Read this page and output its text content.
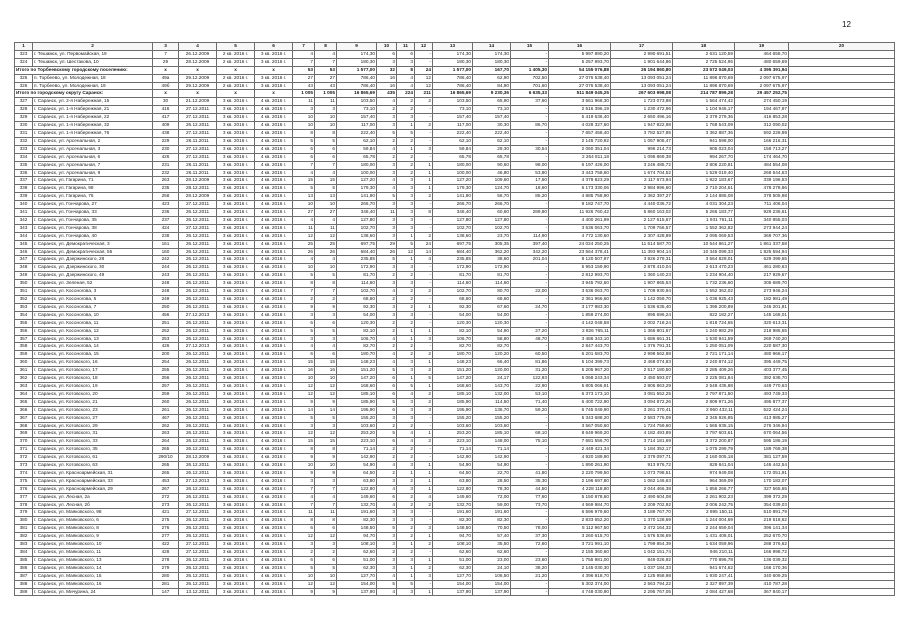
12
1	2	3	4	5	6	7	8	9	10	11	12	13	14	15	16	17	18	19	20
323	г. Тешамск, ул. Первомайская, 19	7	26.12.2009	2 кв. 2016 г.	3 кв. 2016 г.	4	4	174,30	6	6	-	174,30	174,30	-	5 997 890,20	2 990 691,51	2 631 120,59	464 658,70	
324	г. Тешамск, ул. Шестакова, 10	29	28.12.2009	2 кв. 2016 г.	3 кв. 2016 г.	7	7	180,30	3	3	-	180,30	180,30	-	5 257 993,70	1 901 644,86	2 725 524,95	480 659,69	
Итого по Торбеевскому городскому поселению:		x	x	x	x	53	53	1 577,00	32	8	24	1 577,00	167,70	1 405,30	54 155 076,88	26 194 860,80	23 572 049,03	4 395 391,94	
325	п. Торбеево, ул. Молодежная, 18	49а	29.12.2009	2 кв. 2016 г.	3 кв. 2016 г.	27	27	786,40	16	4	12	786,40	62,90	702,50	27 076 538,40	13 093 051,24	11 896 870,69	2 097 675,97	
326	п. Торбеево, ул. Молодежная, 19	49б	29.12.2009	2 кв. 2016 г.	3 кв. 2016 г.	43	43	786,40	16	4	12	786,40	84,90	701,60	27 076 538,40	13 093 051,24	11 896 870,69	2 097 675,97	
Итого по городскому округу Саранск:		x	x	x	x	1 005	1 005	16 865,69	435	224	211	16 865,69	9 230,36	6 635,33	511 849 045,25	267 603 998,08	214 787 899,28	29 457 252,75	
327	г. Саранск, ул. 2-я Набережная, 15	30	21.12.2009	3 кв. 2016 г.	4 кв. 2016 г.	11	11	103,50	4	2	2	103,50	65,90	37,60	3 561 968,30	1 723 073,88	1 564 474,42	274 450,19	
328	г. Саранск, ул. 1-я Набережная, 21	416	27.12.2011	3 кв. 2016 г.	4 кв. 2016 г.	3	3	73,10	2	2	-	73,10	73,10	-	2 516 396,19	1 230 472,96	1 104 945,17	194 467,97	
329	г. Саранск, ул. 1-я Набережная, 22	417	27.12.2011	3 кв. 2016 г.	4 кв. 2016 г.	10	10	157,40	3	3	-	157,40	157,40	-	5 419 636,40	2 650 496,16	2 379 279,36	416 853,28	
330	г. Саранск, ул. 1-я Набережная, 32	409	26.12.2011	3 кв. 2016 г.	4 кв. 2016 г.	10	10	117,00	3	1	2	117,00	30,30	86,70	4 028 327,60	1 947 822,98	1 768 543,09	312 090,02	
331	г. Саранск, ул. 1-я Набережная, 76	438	27.12.2011	3 кв. 2016 г.	4 кв. 2016 г.	8	8	222,40	5	5	-	222,40	222,40	-	7 657 458,40	3 782 527,85	3 362 887,36	592 228,99	
332	г. Саранск, ул. Арсенальная, 2	229	26.11.2011	3 кв. 2016 г.	4 кв. 2016 г.	5	5	62,10	2	2	-	62,10	62,10	-	2 145 720,92	1 057 906,47	941 598,00	166 216,31	
333	г. Саранск, ул. Арсенальная, 3	230	27.12.2011	3 кв. 2016 г.	4 кв. 2016 г.	6	6	59,84	4	1	3	59,84	29,30	30,54	2 060 351,04	996 214,73	905 023,04	159 713,27	
334	г. Саранск, ул. Арсенальная, 6	426	27.12.2011	3 кв. 2016 г.	4 кв. 2016 г.	6	6	65,78	2	2	-	65,78	65,78	-	2 264 811,18	1 095 869,38	994 267,70	174 464,70	
335	г. Саранск, ул. Арсенальная, 7	231	26.11.2011	3 кв. 2016 г.	4 кв. 2016 г.	7	7	180,00	3	2	1	180,00	90,60	98,00	6 197 426,00	3 246 485,72	2 806 220,81	484 554,08	
336	г. Саранск, ул. Арсенальная, 9	232	26.11.2011	3 кв. 2016 г.	4 кв. 2016 г.	4	4	100,00	3	2	1	100,00	46,80	53,80	3 443 758,60	1 674 704,52	1 529 019,40	268 544,63	
337	г. Саранск, ул. Гагарина, 71	263	28.12.2009	3 кв. 2016 г.	4 кв. 2016 г.	15	15	127,20	4	3	1	127,20	109,60	17,60	4 379 823,29	2 117 673,94	1 922 183,67	339 196,53	
338	г. Саранск, ул. Гагарина, 98	235	28.12.2011	3 кв. 2016 г.	4 кв. 2016 г.	5	5	179,30	4	3	1	179,30	124,70	18,60	6 173 330,06	2 984 996,60	2 710 204,61	478 278,86	
339	г. Саранск, ул. Гагарина, 76	258	28.12.2009	3 кв. 2016 г.	4 кв. 2016 г.	13	13	141,90	5	3	2	141,90	56,70	85,20	4 885 758,90	2 362 397,27	2 144 885,08	378 505,98	
340	г. Саранск, ул. Гончарова, 27	423	27.12.2011	3 кв. 2016 г.	4 кв. 2016 г.	10	10	266,70	3	3	-	266,70	266,70	-	9 182 747,70	4 440 036,72	4 031 304,23	711 406,04	
341	г. Саранск, ул. Гончарова, 33	236	26.12.2011	3 кв. 2016 г.	4 кв. 2016 г.	27	27	346,40	11	3	8	346,40	60,60	289,80	11 926 760,42	5 860 163,02	5 266 183,77	929 236,61	
342	г. Саранск, ул. Гончарова, 35	237	26.12.2011	3 кв. 2016 г.	4 кв. 2016 г.	4	4	127,80	3	3	-	127,80	127,80	-	4 400 261,99	2 127 615,67	1 931 761,11	340 855,03	
343	г. Саранск, ул. Гончарова, 38	424	27.12.2011	3 кв. 2016 г.	4 кв. 2016 г.	11	11	102,70	3	3	-	102,70	102,70	-	3 536 063,70	1 709 756,57	1 552 362,82	273 944,24	
344	г. Саранск, ул. Гончарова, 40	238	26.12.2011	3 кв. 2016 г.	4 кв. 2016 г.	12	12	138,60	3	1	2	138,60	23,70	114,90	4 772 130,60	2 307 428,89	2 095 069,53	369 707,36	
345	г. Саранск, ул. Демократическая, 3	161	26.12.2011	3 кв. 2016 г.	4 кв. 2016 г.	25	25	697,75	29	5	24	697,75	305,35	397,40	24 024 250,25	11 614 587,70	10 544 861,27	1 861 337,58	
346	г. Саранск, ул. Демократическая, 55	160	26.12.2011	3 кв. 2016 г.	4 кв. 2016 г.	26	26	684,40	26	12	14	684,40	362,20	342,20	23 564 378,41	11 393 904,14	10 345 099,33	1 825 594,94	
347	г. Саранск, ул. Дзержинского, 28	242	26.12.2011	3 кв. 2016 г.	4 кв. 2016 г.	4	4	235,85	5	1	4	235,85	38,60	201,04	8 120 507,97	3 926 279,31	3 564 829,01	629 399,65	
348	г. Саранск, ул. Дзержинского, 30	244	26.12.2011	3 кв. 2016 г.	4 кв. 2016 г.	10	10	172,90	3	3	-	172,90	172,90	-	5 953 159,90	2 878 410,04	2 613 470,23	461 280,63	
349	г. Саранск, ул. Дзержинского, 49	243	26.12.2011	3 кв. 2016 г.	4 кв. 2016 г.	5	5	81,70	2	2	-	81,70	81,70	-	2 812 993,70	1 360 140,23	1 234 904,40	217 929,67	
350	г. Саранск, ул. Зеленая, 52	248	26.12.2011	3 кв. 2016 г.	4 кв. 2016 г.	8	8	114,60	3	3	-	114,60	114,60	-	3 945 792,60	1 907 865,53	1 732 236,60	305 689,70	
351	г. Саранск, ул. Косоногова, 3	248	26.12.2011	3 кв. 2016 г.	4 кв. 2016 г.	7	7	102,70	4	2	2	102,70	80,70	22,00	3 536 063,70	1 709 930,94	1 552 362,02	273 946,24	
352	г. Саранск, ул. Косоногова, 5	249	26.12.2011	3 кв. 2016 г.	4 кв. 2016 г.	2	2	68,60	2	2	-	68,60	68,60	-	2 361 966,60	1 142 059,70	1 036 925,43	182 981,49	
353	г. Саранск, ул. Косоногова, 7	250	26.12.2011	3 кв. 2016 г.	4 кв. 2016 г.	9	9	92,30	3	2	1	92,30	67,60	24,70	3 177 983,30	1 536 635,40	1 395 200,89	246 201,81	
354	г. Саранск, ул. Косоногова, 10	456	27.12.2013	3 кв. 2016 г.	4 кв. 2016 г.	3	3	54,00	3	3	-	54,00	54,00	-	1 859 274,00	895 696,24	822 182,27	145 168,01	
355	г. Саранск, ул. Косоногова, 11	251	26.12.2011	3 кв. 2016 г.	4 кв. 2016 г.	6	6	120,30	2	2	-	120,30	120,30	-	4 142 048,58	2 002 718,24	1 818 724,65	320 613,31	
356	г. Саранск, ул. Косоногова, 12	252	26.12.2011	3 кв. 2016 г.	4 кв. 2016 г.	5	5	82,10	2	1	1	82,10	54,90	27,20	2 826 765,11	1 366 801,67	1 240 982,29	218 986,55	
357	г. Саранск, ул. Косоногова, 13	253	26.12.2011	3 кв. 2016 г.	4 кв. 2016 г.	3	3	106,70	4	1	3	106,70	58,80	48,70	3 486 343,10	1 686 661,31	1 530 941,59	269 740,20	
358	г. Саранск, ул. Косоногова, 14	426	27.12.2013	3 кв. 2016 г.	4 кв. 2016 г.	4	4	82,70	2	2	-	82,70	82,70	-	2 847 443,70	1 376 791,31	1 250 051,09	220 587,30	
359	г. Саранск, ул. Косоногова, 15	200	26.12.2011	3 кв. 2016 г.	4 кв. 2016 г.	6	6	180,70	4	2	2	180,70	120,20	60,50	6 201 683,70	2 998 562,88	2 721 171,14	480 966,17	
360	г. Саранск, ул. Котовского, 16	254	26.12.2011	3 кв. 2016 г.	4 кв. 2016 г.	15	15	148,23	4	3	1	148,23	66,40	81,86	5 104 399,73	2 468 074,83	2 240 874,12	395 449,75	
361	г. Саранск, ул. Котовского, 17	255	26.12.2011	3 кв. 2016 г.	4 кв. 2016 г.	16	16	151,20	5	3	2	151,20	120,00	31,20	5 205 967,20	2 517 180,50	2 285 409,26	403 377,45	
362	г. Саранск, ул. Котовского, 18	256	26.12.2011	3 кв. 2016 г.	4 кв. 2016 г.	10	10	147,20	6	1	5	147,20	24,17	122,83	5 068 243,34	2 450 593,07	2 225 081,84	392 638,70	
363	г. Саранск, ул. Котовского, 19	257	26.12.2011	3 кв. 2016 г.	4 кв. 2016 г.	12	12	168,60	6	5	1	168,60	143,70	22,90	5 805 066,91	2 806 863,29	2 548 435,88	449 770,63	
364	г. Саранск, ул. Котовского, 20	259	26.12.2011	3 кв. 2016 г.	4 кв. 2016 г.	12	12	185,10	6	4	2	185,10	132,00	53,10	6 373 173,10	3 081 552,25	2 797 871,50	493 749,33	
365	г. Саранск, ул. Котовского, 21	260	26.12.2011	3 кв. 2016 г.	4 кв. 2016 г.	9	9	185,90	5	3	2	185,90	114,50	71,40	6 400 722,90	3 094 872,26	2 809 971,26	495 877,37	
366	г. Саранск, ул. Котовского, 23	261	26.12.2011	3 кв. 2016 г.	4 кв. 2016 г.	14	14	195,90	6	3	3	195,90	136,70	59,20	6 745 049,90	3 261 370,41	2 960 432,11	522 424,24	
367	г. Саранск, ул. Котовского, 27	467	26.12.2011	3 кв. 2016 г.	4 кв. 2016 г.	5	5	155,20	3	3	-	155,20	155,20	-	5 343 688,20	2 583 776,09	2 345 926,85	413 985,27	
368	г. Саранск, ул. Котовского, 29	262	26.12.2011	3 кв. 2016 г.	4 кв. 2016 г.	3	3	103,60	2	2	-	103,60	103,60	-	3 567 050,60	1 724 759,60	1 565 935,15	276 346,94	
369	г. Саранск, ул. Котовского, 31	263	26.12.2011	3 кв. 2016 г.	4 кв. 2016 г.	12	12	253,20	5	4	1	253,20	185,10	68,10	8 649 969,20	4 182 493,89	3 797 603,61	670 064,56	
370	г. Саранск, ул. Котовского, 33	264	26.12.2011	3 кв. 2016 г.	4 кв. 2016 г.	15	15	223,10	6	4	2	223,10	148,00	75,10	7 681 556,70	3 714 181,69	3 372 200,87	595 186,19	
371	г. Саранск, ул. Котовского, 35	265	26.12.2011	3 кв. 2016 г.	4 кв. 2016 г.	8	8	71,14	2	2	-	71,14	71,14	-	2 449 421,34	1 184 352,17	1 075 299,79	189 769,38	
372	г. Саранск, ул. Котовского, 61	290/10	28.12.2009	3 кв. 2016 г.	4 кв. 2016 г.	9	9	142,90	2	2	-	142,90	142,90	-	4 920 189,90	2 379 097,71	2 160 005,18	381 127,59	
373	г. Саранск, ул. Котовского, 63	265	26.12.2011	3 кв. 2016 г.	4 кв. 2016 г.	10	10	54,90	4	3	1	54,90	54,90	-	1 890 261,90	913 976,72	829 841,04	146 442,54	
374	г. Саранск, ул. Красноармейская, 31	265	26.12.2011	3 кв. 2016 г.	4 кв. 2016 г.	9	9	64,50	2	1	1	64,50	22,70	41,80	2 220 799,50	1 073 798,51	974 949,08	172 051,91	
375	г. Саранск, ул. Красноармейская, 33	453	27.12.2013	3 кв. 2016 г.	4 кв. 2016 г.	3	3	63,80	3	2	1	63,80	28,50	35,30	2 196 697,80	1 062 146,63	964 369,09	170 182,07	
376	г. Саранск, ул. Красноармейская, 29	267	26.12.2011	3 кв. 2016 г.	4 кв. 2016 г.	7	7	122,80	4	3	1	122,80	78,30	44,50	4 228 118,80	2 044 466,38	1 856 266,77	327 565,65	
377	г. Саранск, ул. Лесная, 2а	272	26.12.2011	3 кв. 2016 г.	4 кв. 2016 г.	4	4	149,60	6	2	4	149,60	72,00	77,60	5 150 878,60	2 490 604,08	2 261 902,23	399 372,29	
378	г. Саранск, ул. Лесная, 2б	273	26.12.2011	3 кв. 2016 г.	4 кв. 2016 г.	7	7	132,70	4	2	2	132,70	59,00	73,70	4 569 984,70	2 209 702,92	2 006 242,75	354 039,03	
379	г. Саранск, ул. Маяковского, 98	421	27.12.2011	3 кв. 2016 г.	4 кв. 2016 г.	11	11	191,60	3	3	-	191,60	191,60	-	6 596 979,60	3 189 767,70	2 895 150,11	510 891,79	
380	г. Саранск, ул. Маяковского, 6	275	26.12.2011	3 кв. 2016 г.	4 кв. 2016 г.	8	8	82,30	3	3	-	82,30	82,30	-	2 833 652,20	1 370 128,69	1 244 004,69	219 518,62	
381	г. Саранск, ул. Маяковского, 8	276	26.12.2011	3 кв. 2016 г.	4 кв. 2016 г.	6	6	148,50	5	2	3	148,50	70,50	78,00	5 112 967,50	2 472 164,32	2 244 659,04	396 141,34	
382	г. Саранск, ул. Маяковского, 9	277	26.12.2011	3 кв. 2016 г.	4 кв. 2016 г.	12	12	94,70	3	2	1	94,70	57,40	37,30	3 260 615,70	1 576 536,69	1 431 408,01	252 670,70	
383	г. Саранск, ул. Маяковского, 10	422	27.12.2011	3 кв. 2016 г.	4 кв. 2016 г.	3	3	108,10	3	1	2	108,10	35,50	72,60	3 721 991,10	1 799 854,39	1 634 059,96	288 376,62	
384	г. Саранск, ул. Маяковского, 11	428	27.12.2011	3 кв. 2016 г.	4 кв. 2016 г.	2	2	62,60	2	2	-	62,60	62,60	-	2 155 360,60	1 042 151,74	946 210,11	166 998,72	
385	г. Саранск, ул. Маяковского, 13	278	26.12.2011	3 кв. 2016 г.	4 кв. 2016 г.	6	6	51,00	3	3	1	51,00	23,00	23,60	1 755 981,00	849 026,92	770 896,78	136 039,32	
386	г. Саранск, ул. Маяковского, 14	279	26.12.2011	3 кв. 2016 г.	4 кв. 2016 г.	5	5	62,30	3	1	2	62,30	24,10	38,20	2 145 030,30	1 037 184,33	941 674,62	166 170,36	
387	г. Саранск, ул. Маяковского, 15	280	26.12.2011	3 кв. 2016 г.	4 кв. 2016 г.	10	10	127,70	4	1	3	127,70	106,50	21,20	4 396 818,70	2 125 958,98	1 930 247,41	340 609,25	
388	г. Саранск, ул. Маяковского, 16	281	26.12.2011	3 кв. 2016 г.	4 кв. 2016 г.	12	12	154,00	5	5	-	154,00	154,00	-	5 302 374,00	2 563 794,22	2 327 897,39	410 787,28	
389	г. Саранск, ул. Мичурина, 24	147	13.12.2011	3 кв. 2016 г.	4 кв. 2016 г.	9	9	137,90	4	3	1	137,90	137,90	-	4 748 030,90	2 295 767,05	2 084 427,68	367 840,17	
